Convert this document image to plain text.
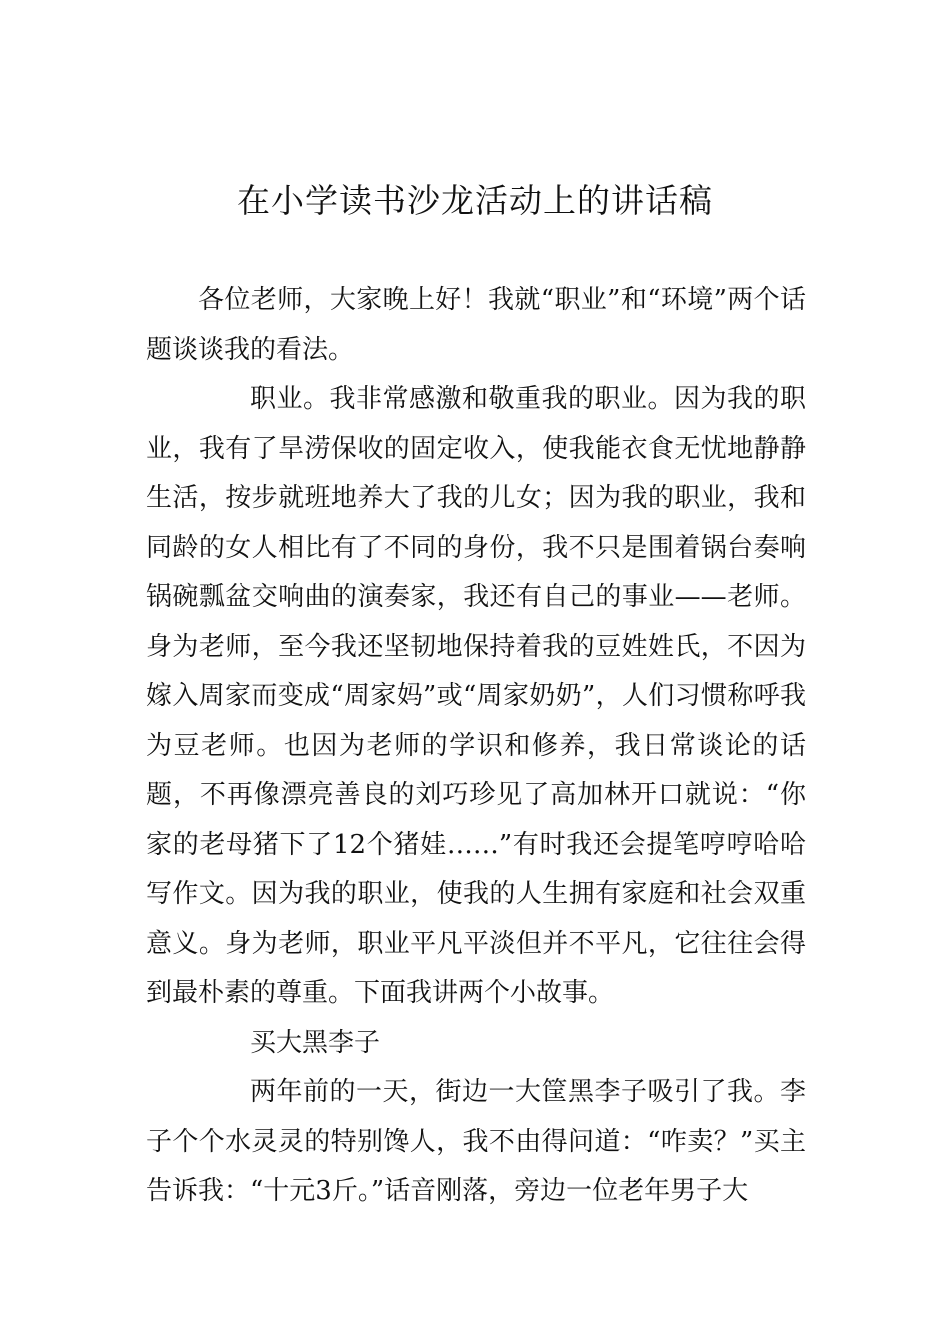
在小学读书沙龙活动上的讲话稿

各位老师，大家晚上好！我就“职业”和“环境”两个话题谈谈我的看法。

职业。我非常感激和敬重我的职业。因为我的职业，我有了旱涝保收的固定收入，使我能衣食无忧地静静生活，按步就班地养大了我的儿女；因为我的职业，我和同龄的女人相比有了不同的身份，我不只是围着锅台奏响锅碗瓢盆交响曲的演奏家，我还有自己的事业——老师。身为老师，至今我还坚韧地保持着我的豆姓姓氏，不因为嫁入周家而变成“周家妈”或“周家奶奶”，人们习惯称呼我为豆老师。也因为老师的学识和修养，我日常谈论的话题，不再像漂亮善良的刘巧珍见了高加林开口就说：“你家的老母猪下了12个猪娃……”有时我还会提笔哼哼哈哈写作文。因为我的职业，使我的人生拥有家庭和社会双重意义。身为老师，职业平凡平淡但并不平凡，它往往会得到最朴素的尊重。下面我讲两个小故事。

买大黑李子

两年前的一天，街边一大筐黑李子吸引了我。李子个个水灵灵的特别馋人，我不由得问道：“咋卖？”买主告诉我：“十元3斤。”话音刚落，旁边一位老年男子大
